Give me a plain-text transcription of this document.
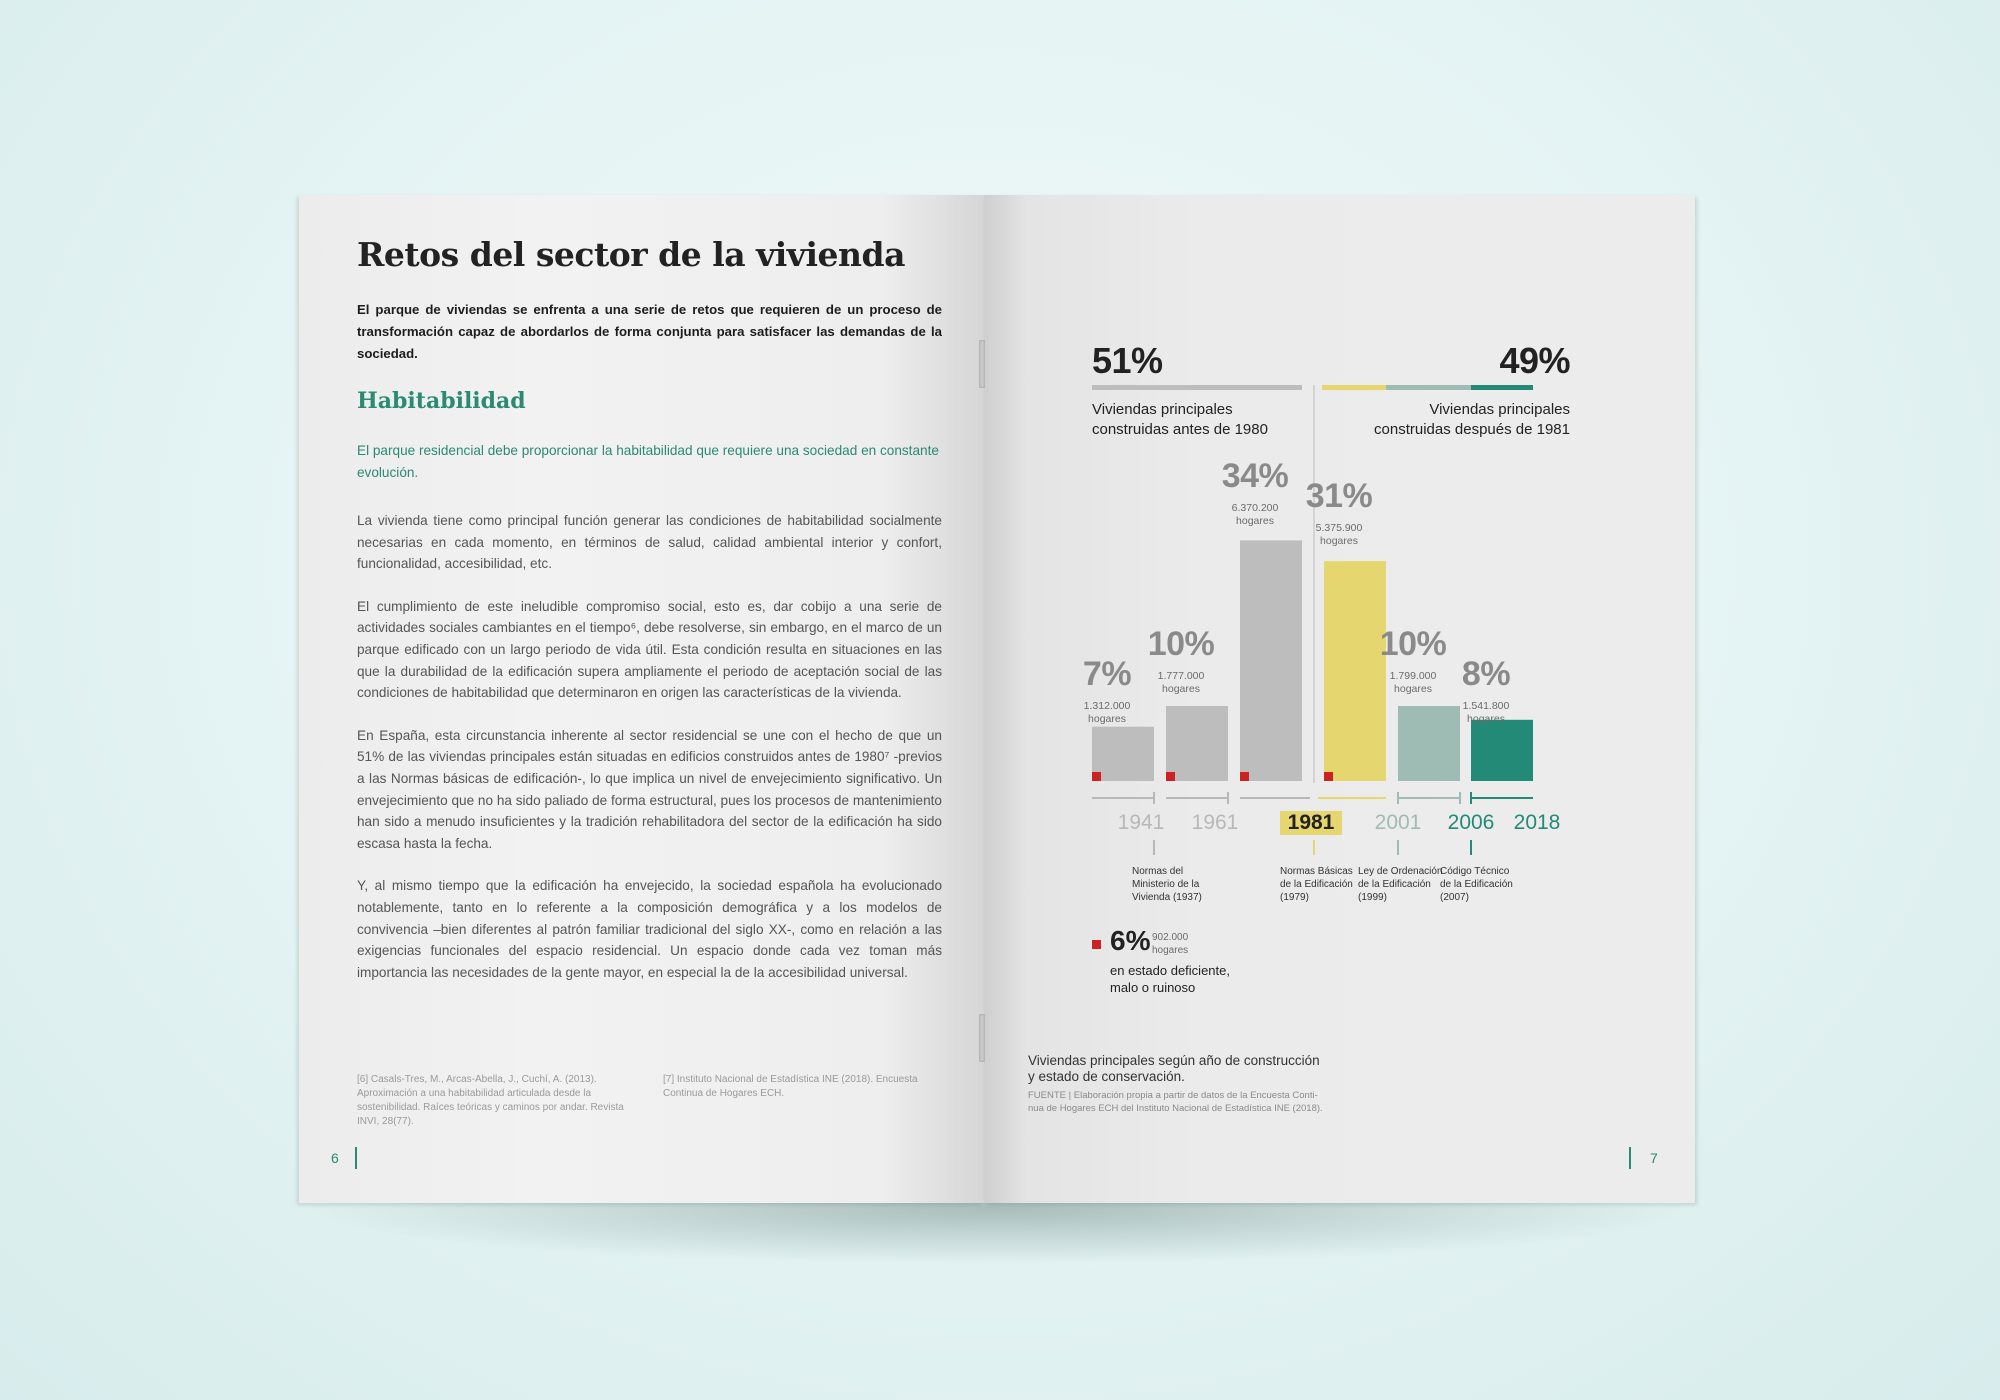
Retos del sector de la vivienda
El parque de viviendas se enfrenta a una serie de retos que requieren de un proceso de transformación capaz de abordarlos de forma conjunta para satisfacer las demandas de la sociedad.
Habitabilidad
El parque residencial debe proporcionar la habitabilidad que requiere una sociedad en constante evolución.

La vivienda tiene como principal función generar las condiciones de habitabilidad socialmente necesarias en cada momento, en términos de salud, calidad ambiental interior y confort, funcionalidad, accesibilidad, etc.

El cumplimiento de este ineludible compromiso social, esto es, dar cobijo a una serie de actividades sociales cambiantes en el tiempo⁶, debe resolverse, sin embargo, en el marco de un parque edificado con un largo periodo de vida útil. Esta condición resulta en situaciones en las que la durabilidad de la edificación supera ampliamente el periodo de aceptación social de las condiciones de habitabilidad que determinaron en origen las características de la vivienda.

En España, esta circunstancia inherente al sector residencial se une con el hecho de que un 51% de las viviendas principales están situadas en edificios construidos antes de 1980⁷ -previos a las Normas básicas de edificación-, lo que implica un nivel de envejecimiento significativo. Un envejecimiento que no ha sido paliado de forma estructural, pues los procesos de mantenimiento han sido a menudo insuficientes y la tradición rehabilitadora del sector de la edificación ha sido escasa hasta la fecha.

Y, al mismo tiempo que la edificación ha envejecido, la sociedad española ha evolucionado notablemente, tanto en lo referente a la composición demográfica y a los modelos de convivencia –bien diferentes al patrón familiar tradicional del siglo XX-, como en relación a las exigencias funcionales del espacio residencial. Un espacio donde cada vez toman más importancia las necesidades de la gente mayor, en especial la de la accesibilidad universal.

[6] Casals-Tres, M., Arcas-Abella, J., Cuchí, A. (2013). Aproximación a una habitabilidad articulada desde la sostenibilidad. Raíces teóricas y caminos por andar. Revista INVI, 28(77).
[7] Instituto Nacional de Estadística INE (2018). Encuesta Continua de Hogares ECH.
6
51%	49%
Viviendas principales
construidas antes de 1980
Viviendas principales
construidas después de 1981
7%
1.312.000
hogares
10%
1.777.000
hogares
34%
6.370.200
hogares
31%
5.375.900
hogares
10%
1.799.000
hogares 8%
1.541.800
hogares
1941	1961	1981	2001	2006 2018
Normas del
Ministerio de la
Vivienda (1937)
Normas Básicas
de la Edificación
(1979)
Ley de Ordenación
de la Edificación
(1999)
Código Técnico
de la Edificación
(2007)
6% 902.000
hogares
en estado deficiente,
malo o ruinoso
Viviendas principales según año de construcción
y estado de conservación.
FUENTE | Elaboración propia a partir de datos de la Encuesta Conti-
nua de Hogares ECH del Instituto Nacional de Estadística INE (2018).
7
